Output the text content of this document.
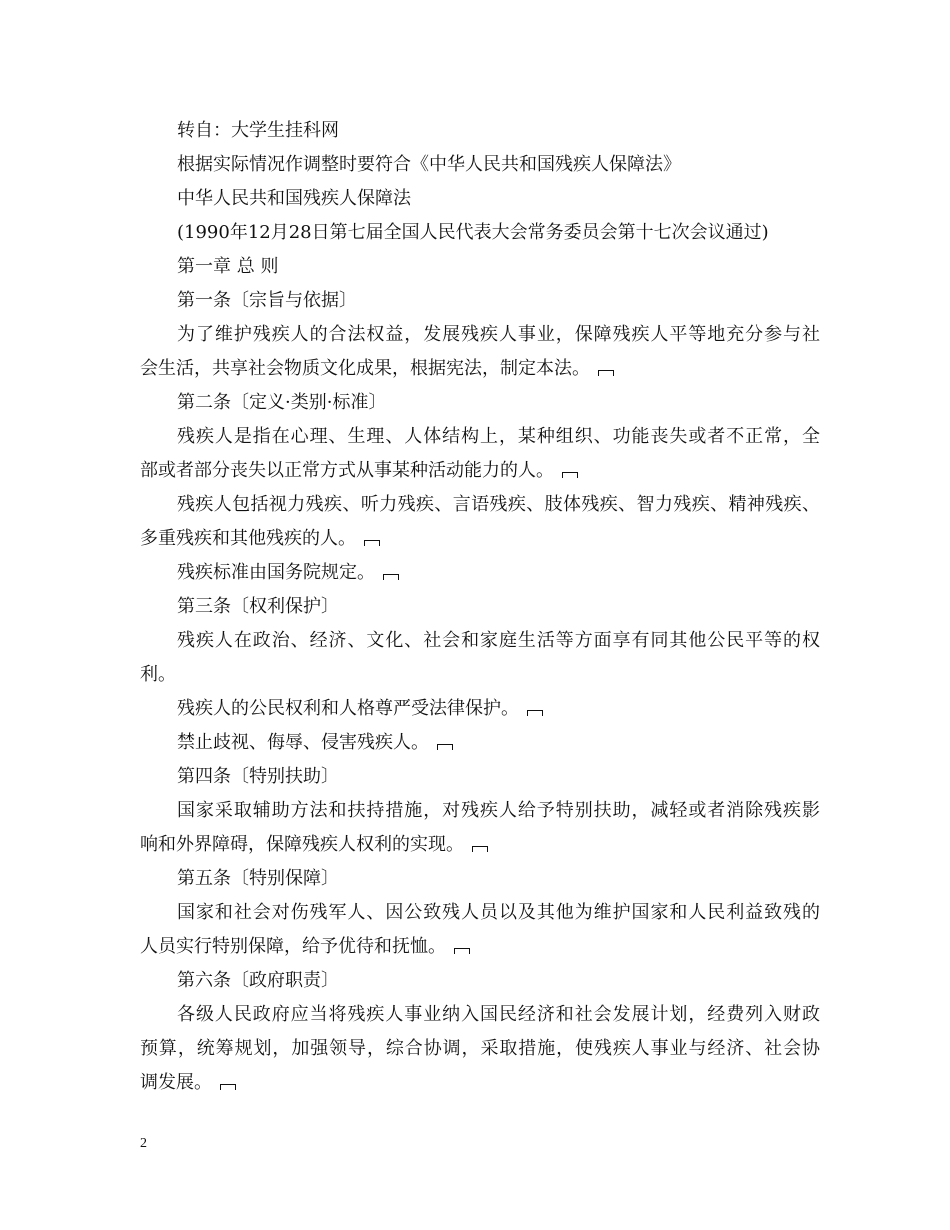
转自：大学生挂科网
根据实际情况作调整时要符合《中华人民共和国残疾人保障法》
中华人民共和国残疾人保障法
(1990年12月28日第七届全国人民代表大会常务委员会第十七次会议通过)
第一章 总 则
第一条〔宗旨与依据〕
为了维护残疾人的合法权益，发展残疾人事业，保障残疾人平等地充分参与社
会生活，共享社会物质文化成果，根据宪法，制定本法。
第二条〔定义·类别·标准〕
残疾人是指在心理、生理、人体结构上，某种组织、功能丧失或者不正常，全
部或者部分丧失以正常方式从事某种活动能力的人。
残疾人包括视力残疾、听力残疾、言语残疾、肢体残疾、智力残疾、精神残疾、
多重残疾和其他残疾的人。
残疾标准由国务院规定。
第三条〔权利保护〕
残疾人在政治、经济、文化、社会和家庭生活等方面享有同其他公民平等的权
利。
残疾人的公民权利和人格尊严受法律保护。
禁止歧视、侮辱、侵害残疾人。
第四条〔特别扶助〕
国家采取辅助方法和扶持措施，对残疾人给予特别扶助，减轻或者消除残疾影
响和外界障碍，保障残疾人权利的实现。
第五条〔特别保障〕
国家和社会对伤残军人、因公致残人员以及其他为维护国家和人民利益致残的
人员实行特别保障，给予优待和抚恤。
第六条〔政府职责〕
各级人民政府应当将残疾人事业纳入国民经济和社会发展计划，经费列入财政
预算，统筹规划，加强领导，综合协调，采取措施，使残疾人事业与经济、社会协
调发展。
2
